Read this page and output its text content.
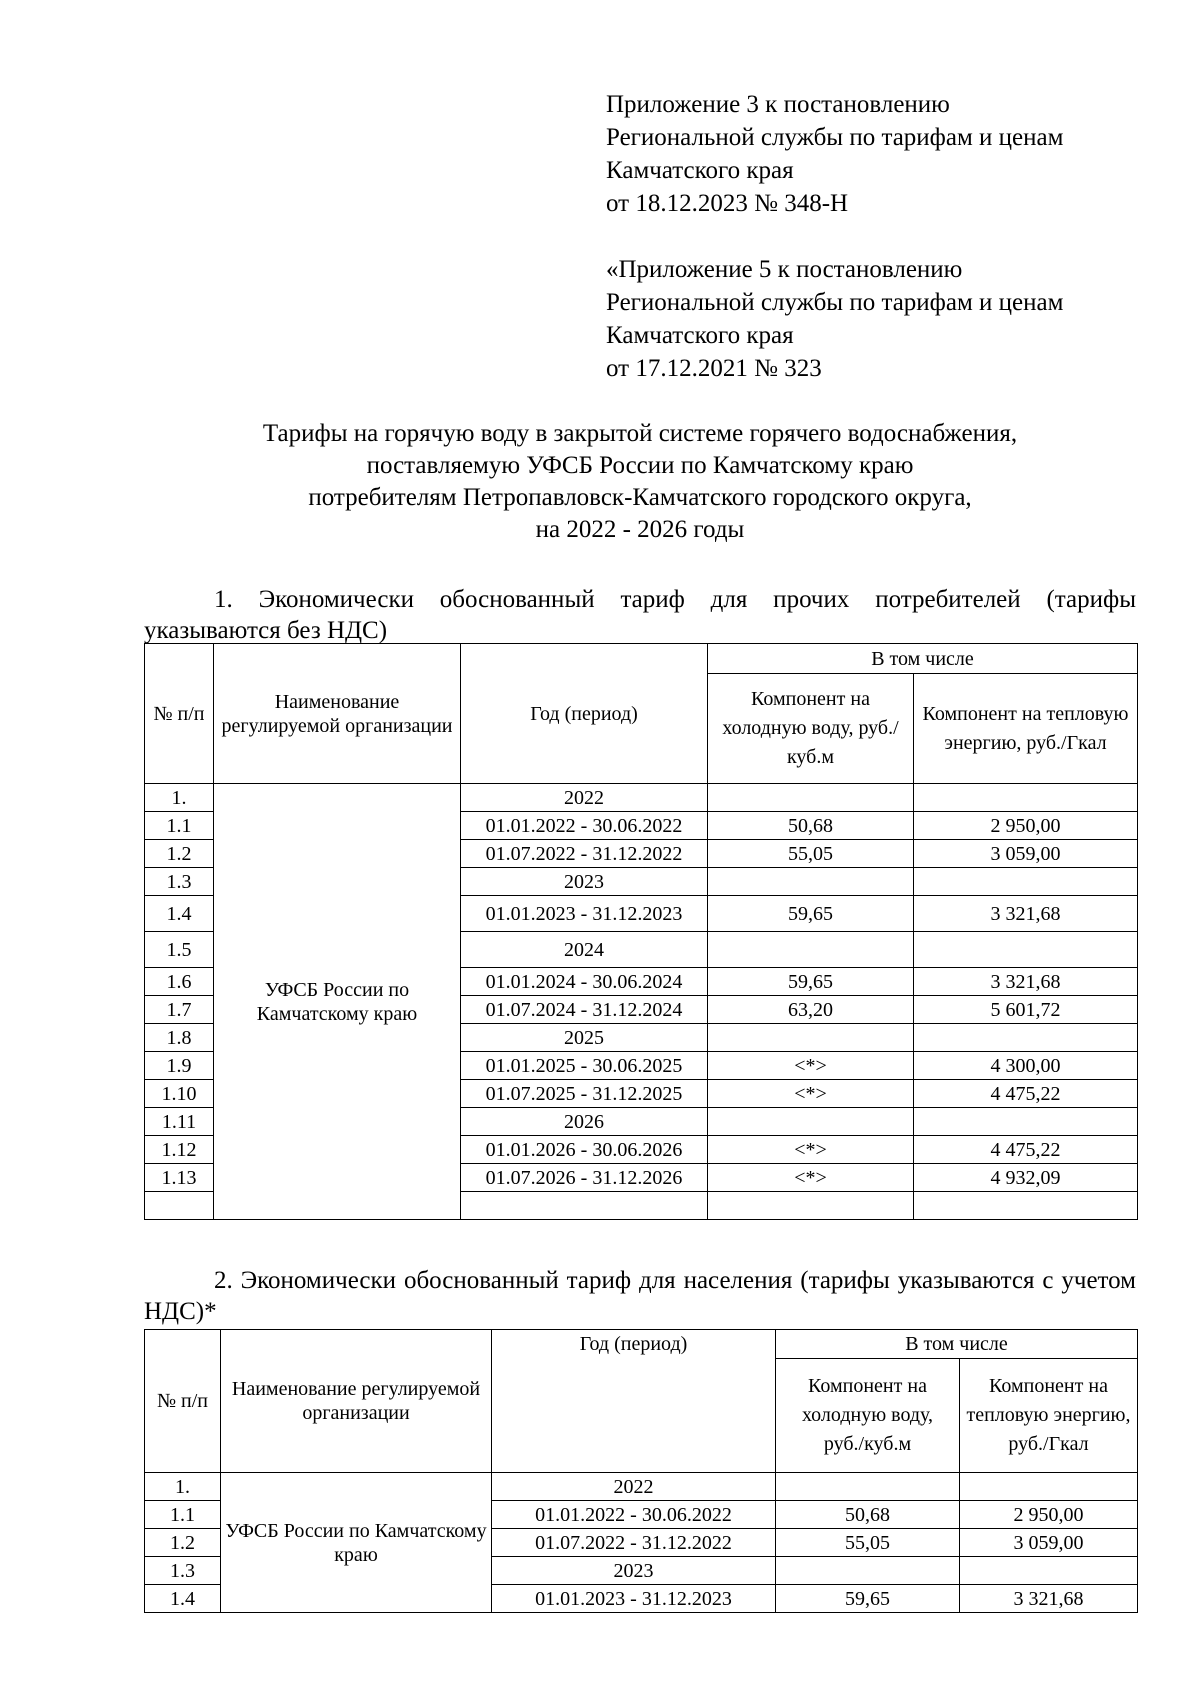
Приложение 3 к постановлению
Региональной службы по тарифам и ценам
Камчатского края
от 18.12.2023 № 348-Н
«Приложение 5 к постановлению
Региональной службы по тарифам и ценам
Камчатского края
от 17.12.2021 № 323
Тарифы на горячую воду в закрытой системе горячего водоснабжения,
поставляемую УФСБ России по Камчатскому краю
потребителям Петропавловск-Камчатского городского округа,
на 2022 - 2026 годы
1. Экономически обоснованный тариф для прочих потребителей (тарифы указываются без НДС)
№ п/п	Наименование регулируемой организации	Год (период)	В том числе	
			Компонент на холодную воду, руб./куб.м	Компонент на тепловую энергию, руб./Гкал
1.	УФСБ России по Камчатскому краю	2022		
1.1		01.01.2022 - 30.06.2022	50,68	2 950,00
1.2		01.07.2022 - 31.12.2022	55,05	3 059,00
1.3		2023		
1.4		01.01.2023 - 31.12.2023	59,65	3 321,68
1.5		2024		
1.6		01.01.2024 - 30.06.2024	59,65	3 321,68
1.7		01.07.2024 - 31.12.2024	63,20	5 601,72
1.8		2025		
1.9		01.01.2025 - 30.06.2025	<*>	4 300,00
1.10		01.07.2025 - 31.12.2025	<*>	4 475,22
1.11		2026		
1.12		01.01.2026 - 30.06.2026	<*>	4 475,22
1.13		01.07.2026 - 31.12.2026	<*>	4 932,09

2. Экономически обоснованный тариф для населения (тарифы указываются с учетом НДС)*
№ п/п	Наименование регулируемой организации	Год (период)	В том числе	
			Компонент на холодную воду, руб./куб.м	Компонент на тепловую энергию, руб./Гкал
1.	УФСБ России по Камчатскому краю	2022		
1.1		01.01.2022 - 30.06.2022	50,68	2 950,00
1.2		01.07.2022 - 31.12.2022	55,05	3 059,00
1.3		2023		
1.4		01.01.2023 - 31.12.2023	59,65	3 321,68
